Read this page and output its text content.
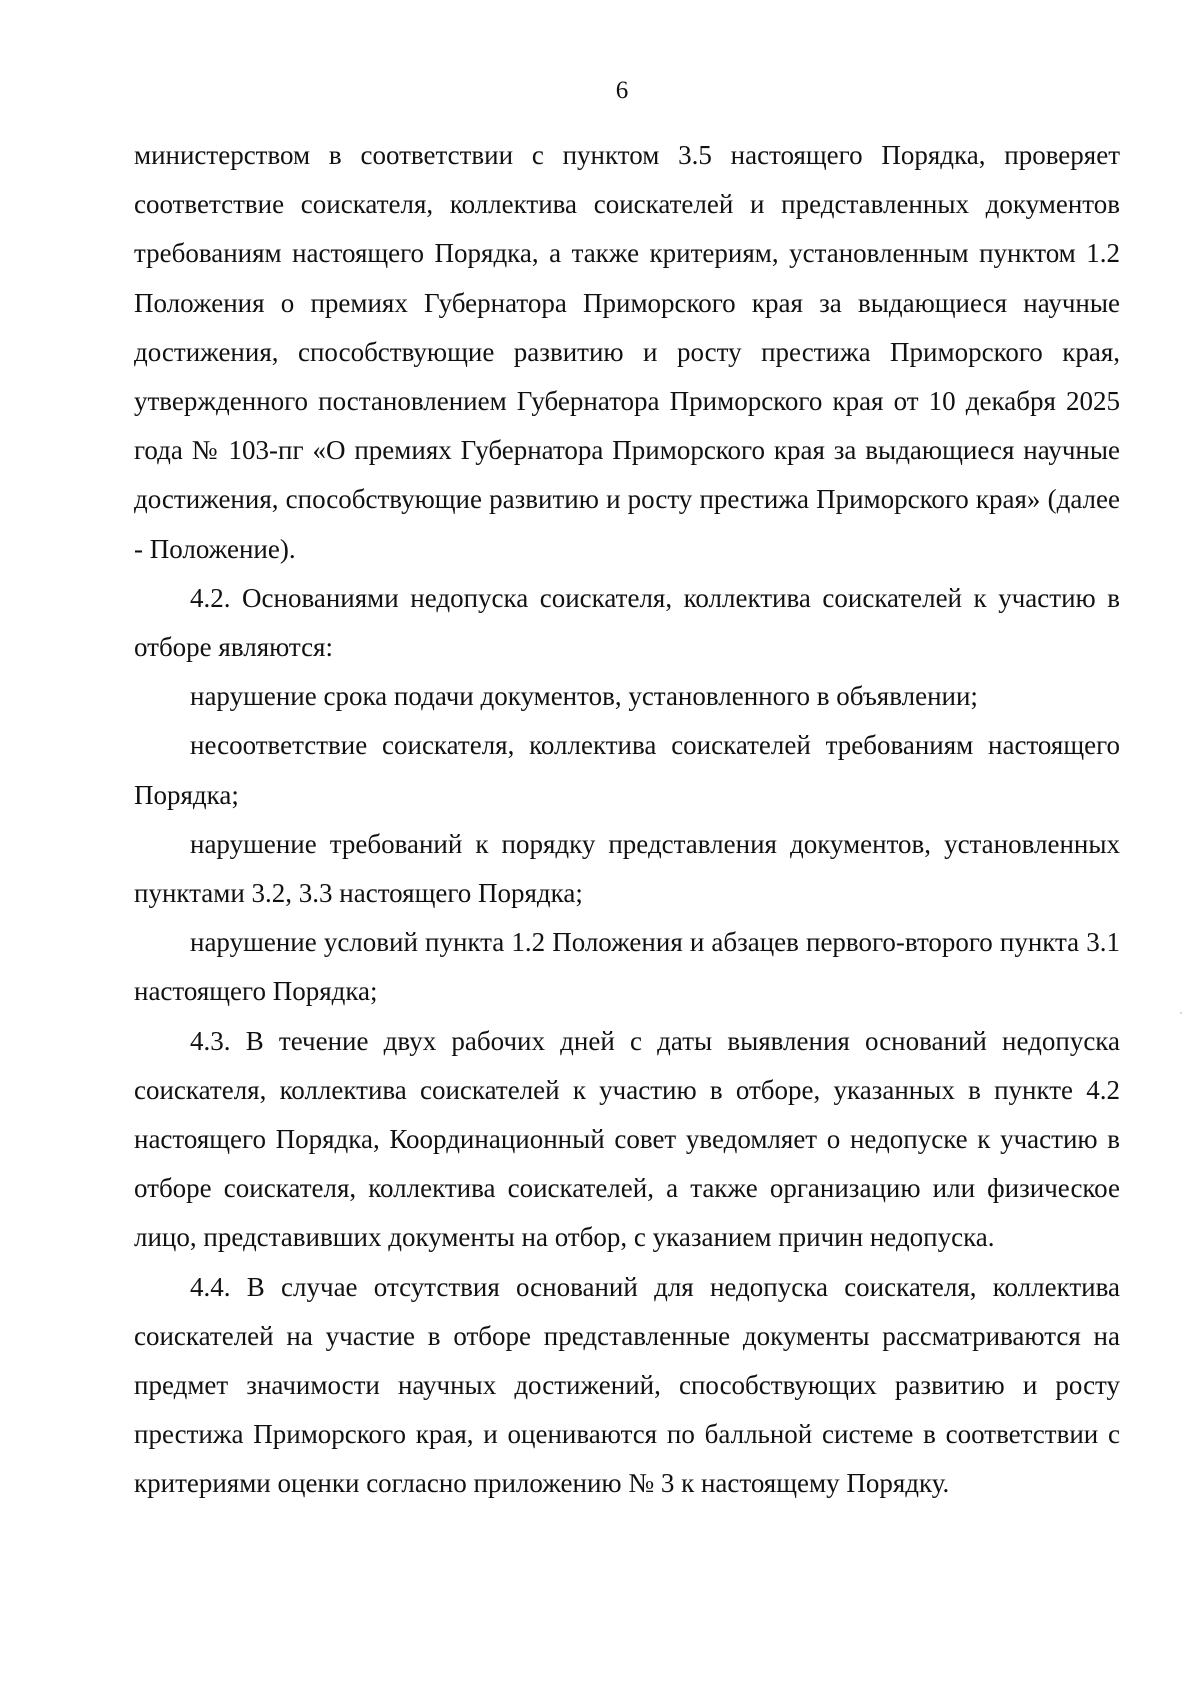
6

министерством в соответствии с пунктом 3.5 настоящего Порядка, проверяет соответствие соискателя, коллектива соискателей и представленных документов требованиям настоящего Порядка, а также критериям, установленным пунктом 1.2 Положения о премиях Губернатора Приморского края за выдающиеся научные достижения, способствующие развитию и росту престижа Приморского края, утвержденного постановлением Губернатора Приморского края от 10 декабря 2025 года № 103-пг «О премиях Губернатора Приморского края за выдающиеся научные достижения, способствующие развитию и росту престижа Приморского края» (далее - Положение).

4.2. Основаниями недопуска соискателя, коллектива соискателей к участию в отборе являются:

нарушение срока подачи документов, установленного в объявлении;

несоответствие соискателя, коллектива соискателей требованиям настоящего Порядка;

нарушение требований к порядку представления документов, установленных пунктами 3.2, 3.3 настоящего Порядка;

нарушение условий пункта 1.2 Положения и абзацев первого-второго пункта 3.1 настоящего Порядка;

4.3. В течение двух рабочих дней с даты выявления оснований недопуска соискателя, коллектива соискателей к участию в отборе, указанных в пункте 4.2 настоящего Порядка, Координационный совет уведомляет о недопуске к участию в отборе соискателя, коллектива соискателей, а также организацию или физическое лицо, представивших документы на отбор, с указанием причин недопуска.

4.4. В случае отсутствия оснований для недопуска соискателя, коллектива соискателей на участие в отборе представленные документы рассматриваются на предмет значимости научных достижений, способствующих развитию и росту престижа Приморского края, и оцениваются по балльной системе в соответствии с критериями оценки согласно приложению № 3 к настоящему Порядку.
